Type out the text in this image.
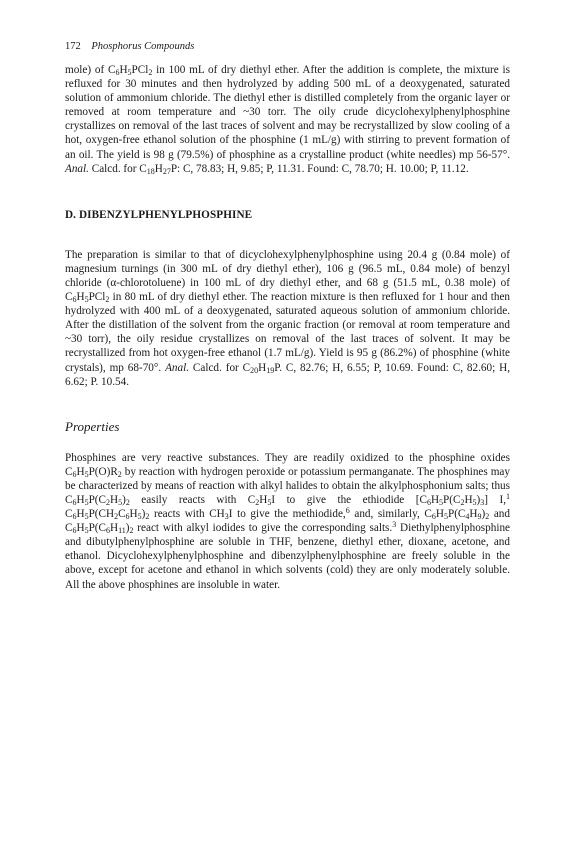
172 Phosphorus Compounds

mole) of $C_6H_5PCl_2$ in 100 mL of dry diethyl ether. After the addition is complete, the mixture is refluxed for 30 minutes and then hydrolyzed by adding 500 mL of a deoxygenated, saturated solution of ammonium chloride. The diethyl ether is distilled completely from the organic layer or removed at room temperature and ~30 torr. The oily crude dicyclohexylphenylphosphine crystallizes on removal of the last traces of solvent and may be recrystallized by slow cooling of a hot, oxygen-free ethanol solution of the phosphine (1 mL/g) with stirring to prevent formation of an oil. The yield is 98 g (79.5%) of phosphine as a crystalline product (white needles) mp 56-57°. Anal. Calcd. for $C_{18}H_{27}P$: C, 78.83; H, 9.85; P, 11.31. Found: C, 78.70; H. 10.00; P, 11.12.

D. DIBENZYLPHENYLPHOSPHINE

The preparation is similar to that of dicyclohexylphenylphosphine using 20.4 g (0.84 mole) of magnesium turnings (in 300 mL of dry diethyl ether), 106 g (96.5 mL, 0.84 mole) of benzyl chloride (α-chlorotoluene) in 100 mL of dry diethyl ether, and 68 g (51.5 mL, 0.38 mole) of $C_6H_5PCl_2$ in 80 mL of dry diethyl ether. The reaction mixture is then refluxed for 1 hour and then hydrolyzed with 400 mL of a deoxygenated, saturated aqueous solution of ammonium chloride. After the distillation of the solvent from the organic fraction (or removal at room temperature and ~30 torr), the oily residue crystallizes on removal of the last traces of solvent. It may be recrystallized from hot oxygen-free ethanol (1.7 mL/g). Yield is 95 g (86.2%) of phosphine (white crystals), mp 68-70°. Anal. Calcd. for $C_{20}H_{19}P$. C, 82.76; H, 6.55; P, 10.69. Found: C, 82.60; H, 6.62; P. 10.54.

Properties

Phosphines are very reactive substances. They are readily oxidized to the phosphine oxides $C_6H_5P(O)R_2$ by reaction with hydrogen peroxide or potassium permanganate. The phosphines may be characterized by means of reaction with alkyl halides to obtain the alkylphosphonium salts; thus $C_6H_5P(C_2H_5)_2$ easily reacts with $C_2H_5I$ to give the ethiodide $[C_6H_5P(C_2H_5)_3]$ I,$^1$ $C_6H_5P(CH_2C_6H_5)_2$ reacts with $CH_3I$ to give the methiodide,$^6$ and, similarly, $C_6H_5P(C_4H_9)_2$ and $C_6H_5P(C_6H_{11})_2$ react with alkyl iodides to give the corresponding salts.$^3$ Diethylphenylphosphine and dibutylphenylphosphine are soluble in THF, benzene, diethyl ether, dioxane, acetone, and ethanol. Dicyclohexylphenylphosphine and dibenzylphenylphosphine are freely soluble in the above, except for acetone and ethanol in which solvents (cold) they are only moderately soluble. All the above phosphines are insoluble in water.
